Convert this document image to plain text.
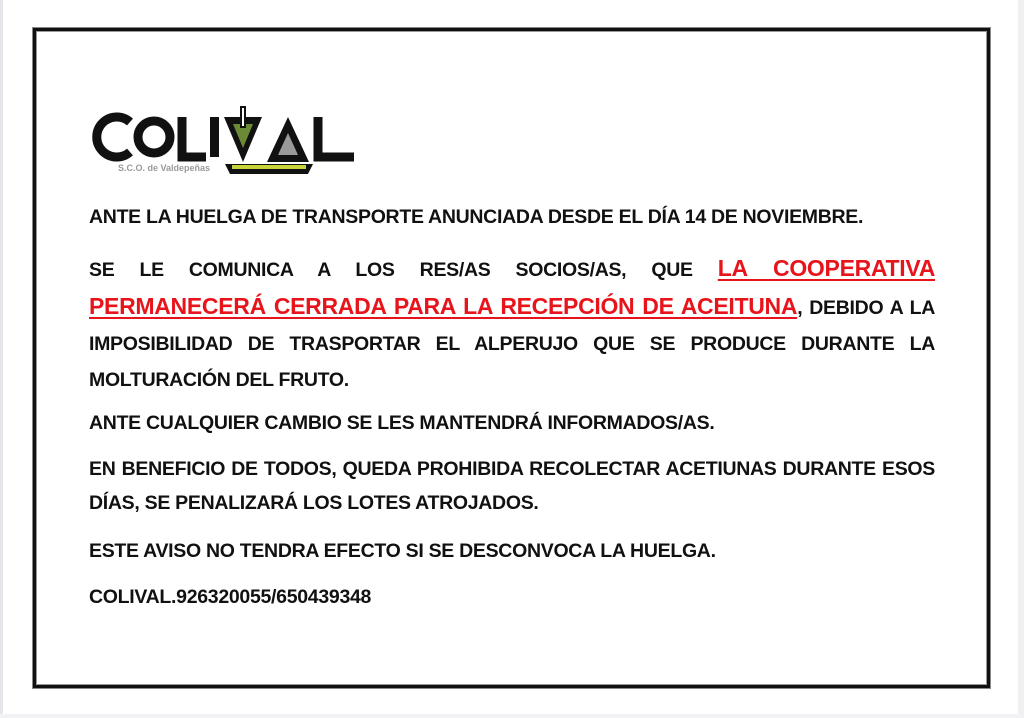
S.C.O. de Valdepeñas
ANTE LA HUELGA DE TRANSPORTE ANUNCIADA DESDE EL DÍA 14 DE NOVIEMBRE.
SE LE COMUNICA A LOS RES/AS SOCIOS/AS, QUE LA COOPERATIVA PERMANECERÁ CERRADA PARA LA RECEPCIÓN DE ACEITUNA, DEBIDO A LA IMPOSIBILIDAD DE TRASPORTAR EL ALPERUJO QUE SE PRODUCE DURANTE LA MOLTURACIÓN DEL FRUTO.
ANTE CUALQUIER CAMBIO SE LES MANTENDRÁ INFORMADOS/AS.
EN BENEFICIO DE TODOS, QUEDA PROHIBIDA RECOLECTAR ACETIUNAS DURANTE ESOS DÍAS, SE PENALIZARÁ LOS LOTES ATROJADOS.
ESTE AVISO NO TENDRA EFECTO SI SE DESCONVOCA LA HUELGA.
COLIVAL.926320055/650439348
